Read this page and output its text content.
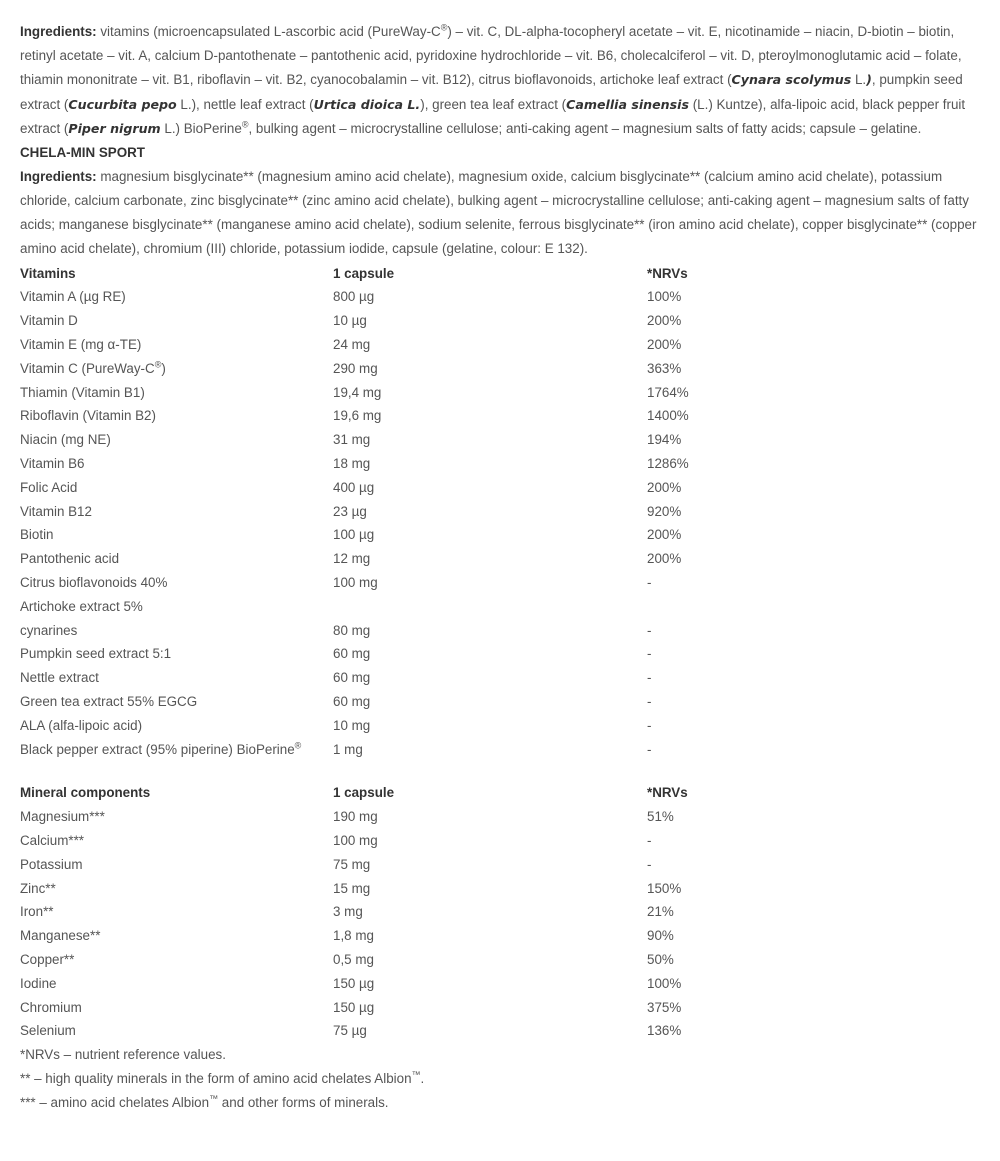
Ingredients: vitamins (microencapsulated L-ascorbic acid (PureWay-C®) – vit. C, DL-alpha-tocopheryl acetate – vit. E, nicotinamide – niacin, D-biotin – biotin, retinyl acetate – vit. A, calcium D-pantothenate – pantothenic acid, pyridoxine hydrochloride – vit. B6, cholecalciferol – vit. D, pteroylmonoglutamic acid – folate, thiamin mononitrate – vit. B1, riboflavin – vit. B2, cyanocobalamin – vit. B12), citrus bioflavonoids, artichoke leaf extract (Cynara scolymus L.), pumpkin seed extract (Cucurbita pepo L.), nettle leaf extract (Urtica dioica L.), green tea leaf extract (Camellia sinensis (L.) Kuntze), alfa-lipoic acid, black pepper fruit extract (Piper nigrum L.) BioPerine®, bulking agent – microcrystalline cellulose; anti-caking agent – magnesium salts of fatty acids; capsule – gelatine.

CHELA-MIN SPORT

Ingredients: magnesium bisglycinate** (magnesium amino acid chelate), magnesium oxide, calcium bisglycinate** (calcium amino acid chelate), potassium chloride, calcium carbonate, zinc bisglycinate** (zinc amino acid chelate), bulking agent – microcrystalline cellulose; anti-caking agent – magnesium salts of fatty acids; manganese bisglycinate** (manganese amino acid chelate), sodium selenite, ferrous bisglycinate** (iron amino acid chelate), copper bisglycinate** (copper amino acid chelate), chromium (III) chloride, potassium iodide, capsule (gelatine, colour: E 132).

Vitamins	1 capsule	*NRVs
Vitamin A (µg RE)	800 µg	100%
Vitamin D	10 µg	200%
Vitamin E (mg α-TE)	24 mg	200%
Vitamin C (PureWay-C®)	290 mg	363%
Thiamin (Vitamin B1)	19,4 mg	1764%
Riboflavin (Vitamin B2)	19,6 mg	1400%
Niacin (mg NE)	31 mg	194%
Vitamin B6	18 mg	1286%
Folic Acid	400 µg	200%
Vitamin B12	23 µg	920%
Biotin	100 µg	200%
Pantothenic acid	12 mg	200%
Citrus bioflavonoids 40%	100 mg	-
Artichoke extract 5%		
cynarines	80 mg	-
Pumpkin seed extract 5:1	60 mg	-
Nettle extract	60 mg	-
Green tea extract 55% EGCG	60 mg	-
ALA (alfa-lipoic acid)	10 mg	-
Black pepper extract (95% piperine) BioPerine®	1 mg	-
Mineral components	1 capsule	*NRVs
Magnesium***	190 mg	51%
Calcium***	100 mg	-
Potassium	75 mg	-
Zinc**	15 mg	150%
Iron**	3 mg	21%
Manganese**	1,8 mg	90%
Copper**	0,5 mg	50%
Iodine	150 µg	100%
Chromium	150 µg	375%
Selenium	75 µg	136%

*NRVs – nutrient reference values.

** – high quality minerals in the form of amino acid chelates Albion™.

*** – amino acid chelates Albion™ and other forms of minerals.
